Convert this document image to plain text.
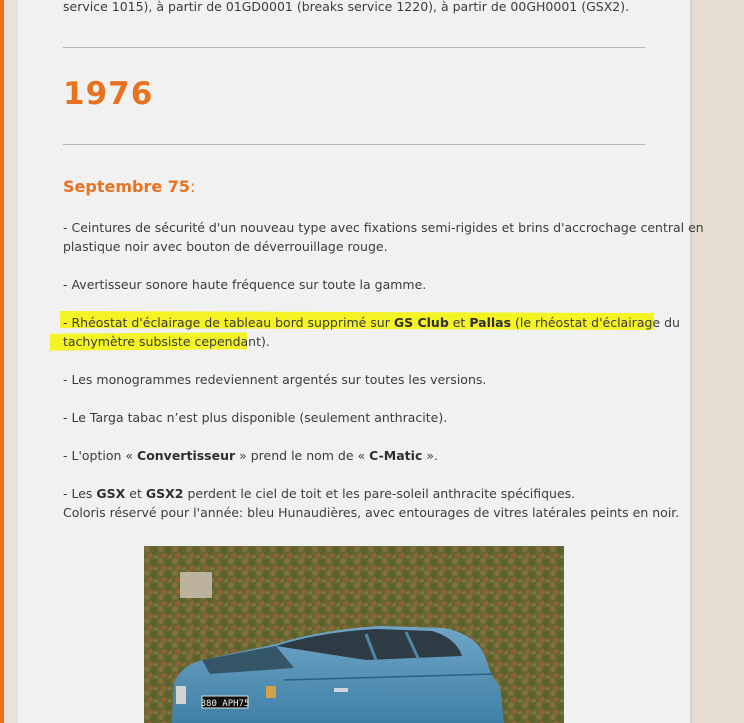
service 1015), à partir de 01GD0001 (breaks service 1220), à partir de 00GH0001 (GSX2).
1976
Septembre 75:
- Ceintures de sécurité d'un nouveau type avec fixations semi-rigides et brins d'accrochage central en
plastique noir avec bouton de déverrouillage rouge.
- Avertisseur sonore haute fréquence sur toute la gamme.
- Rhéostat d'éclairage de tableau bord supprimé sur GS Club et Pallas (le rhéostat d'éclairage du
tachymètre subsiste cependant).
- Les monogrammes redeviennent argentés sur toutes les versions.
- Le Targa tabac n’est plus disponible (seulement anthracite).
- L'option « Convertisseur » prend le nom de « C-Matic ».
- Les GSX et GSX2 perdent le ciel de toit et les pare-soleil anthracite spécifiques.
Coloris réservé pour l'année: bleu Hunaudières, avec entourages de vitres latérales peints en noir.
380 APH75
